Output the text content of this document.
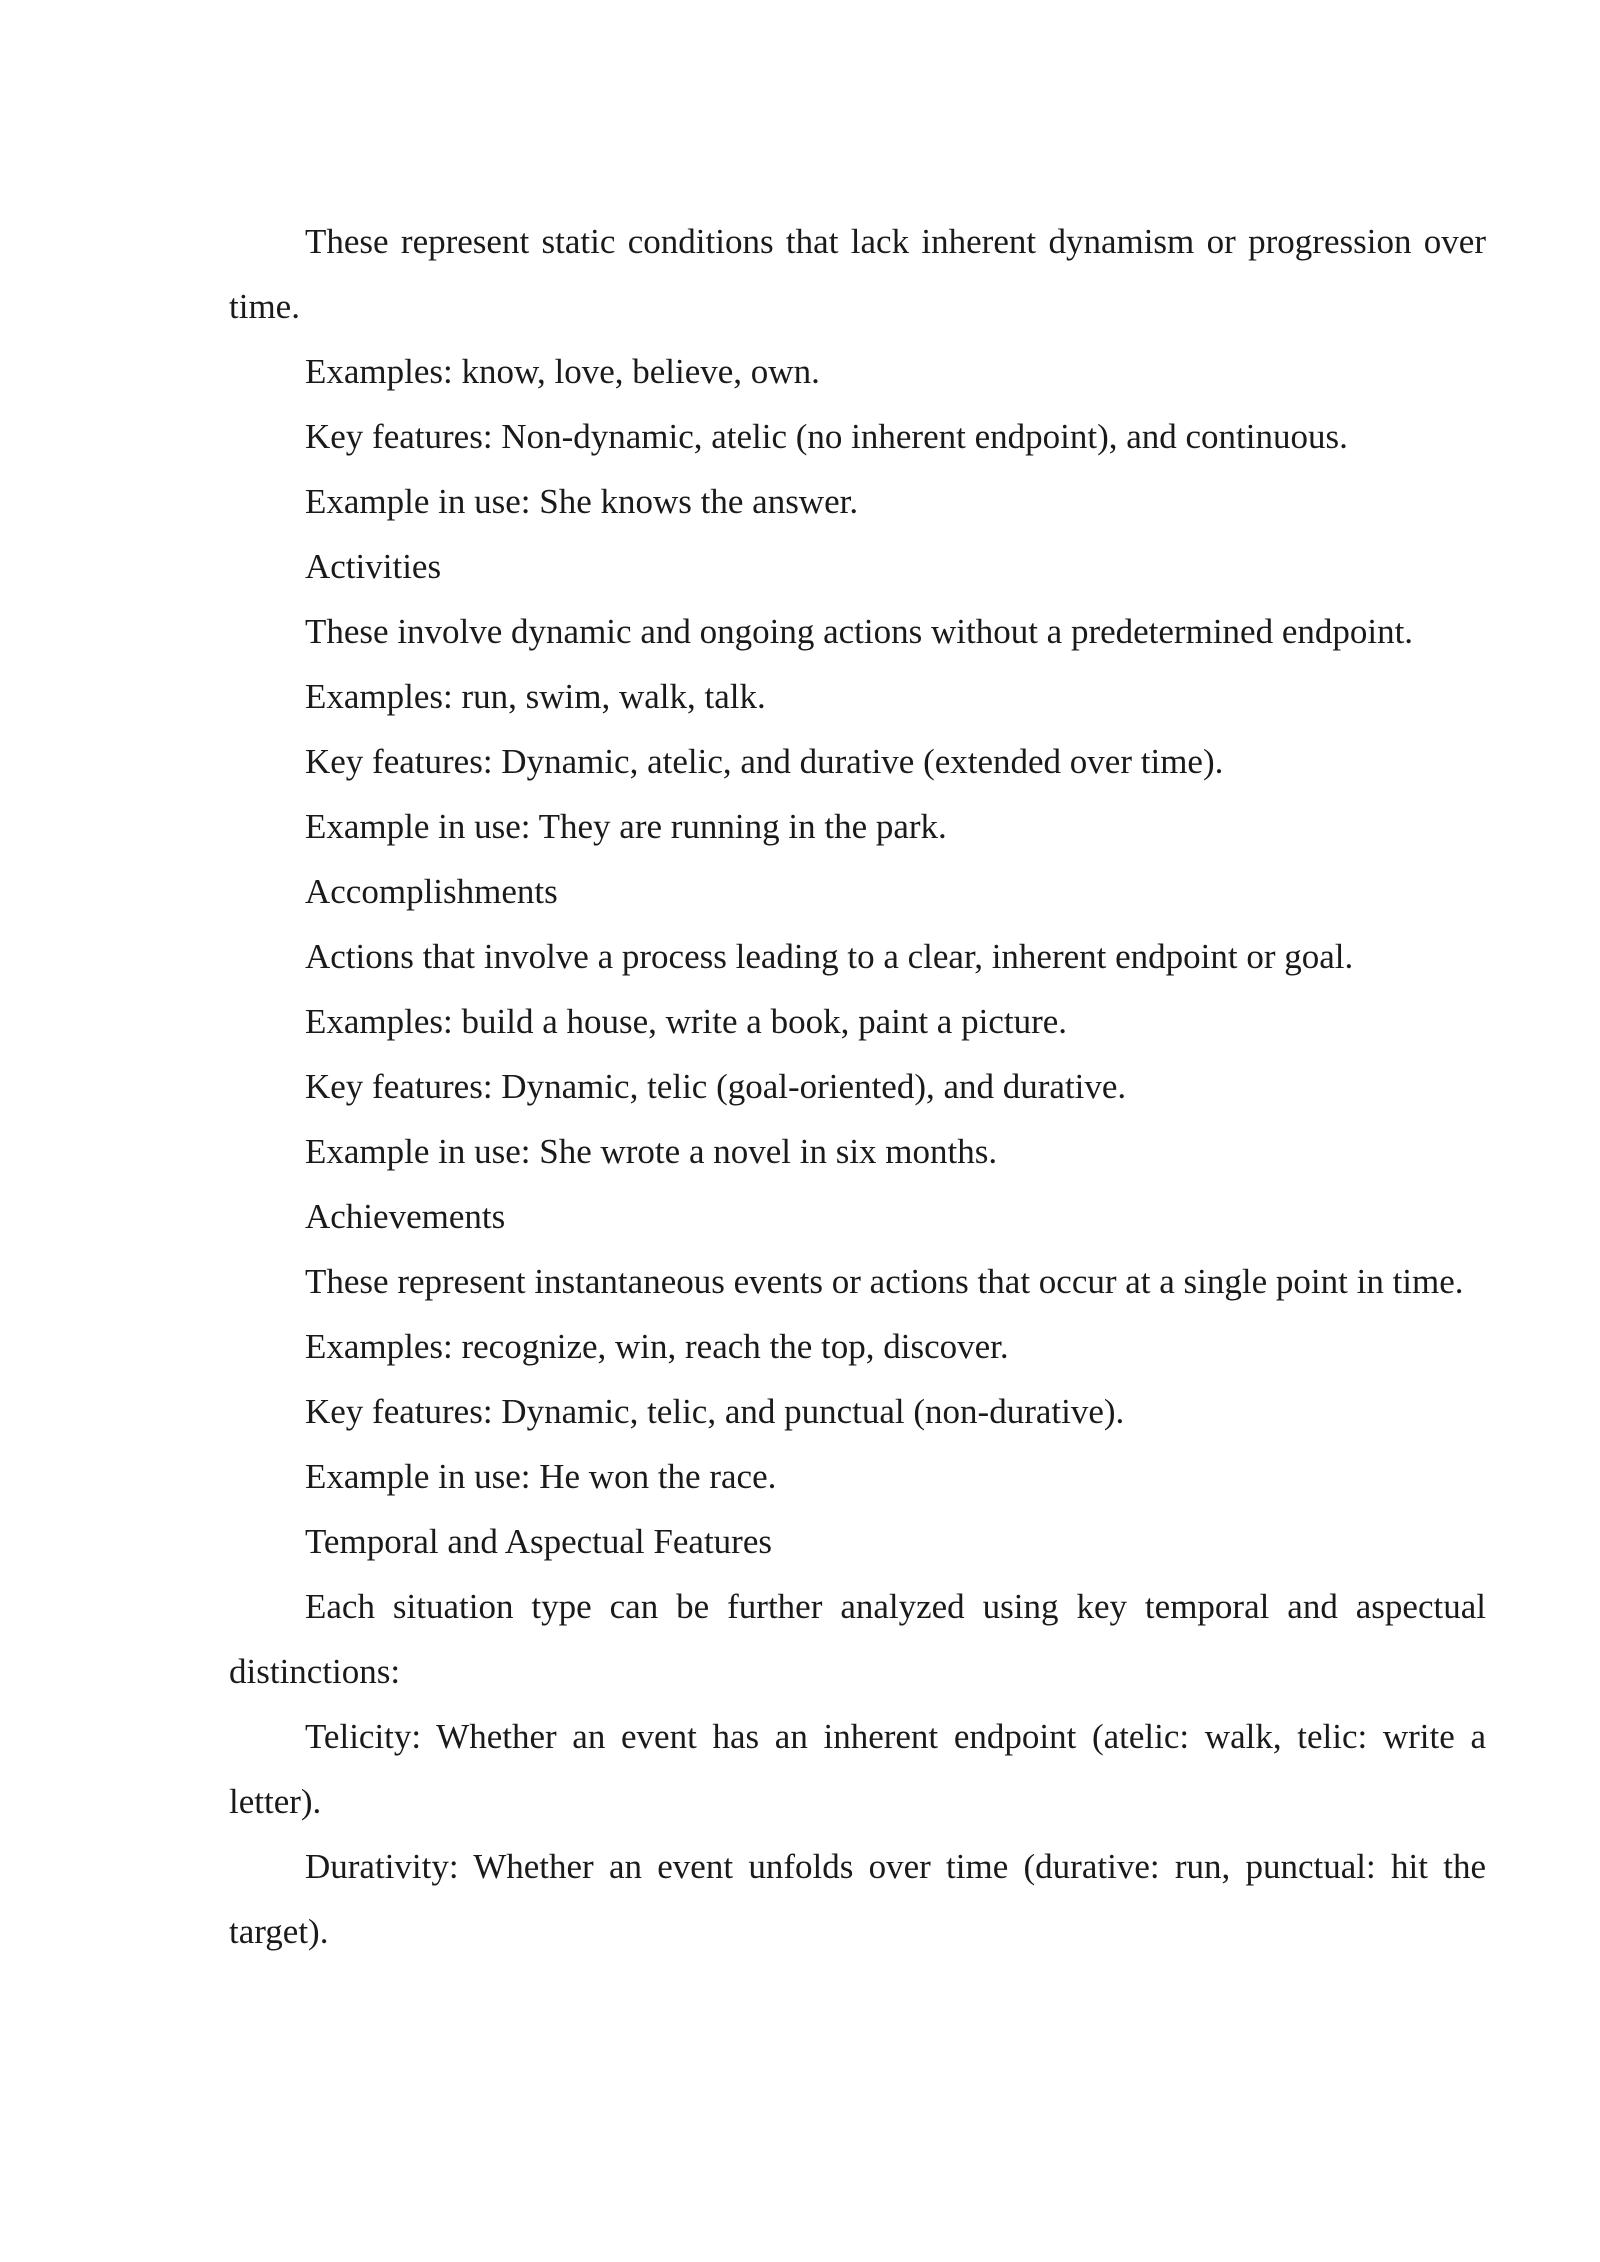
These represent static conditions that lack inherent dynamism or progression over time.

Examples: know, love, believe, own.

Key features: Non-dynamic, atelic (no inherent endpoint), and continuous.

Example in use: She knows the answer.

Activities

These involve dynamic and ongoing actions without a predetermined endpoint.

Examples: run, swim, walk, talk.

Key features: Dynamic, atelic, and durative (extended over time).

Example in use: They are running in the park.

Accomplishments

Actions that involve a process leading to a clear, inherent endpoint or goal.

Examples: build a house, write a book, paint a picture.

Key features: Dynamic, telic (goal-oriented), and durative.

Example in use: She wrote a novel in six months.

Achievements

These represent instantaneous events or actions that occur at a single point in time.

Examples: recognize, win, reach the top, discover.

Key features: Dynamic, telic, and punctual (non-durative).

Example in use: He won the race.

Temporal and Aspectual Features

Each situation type can be further analyzed using key temporal and aspectual distinctions:

Telicity: Whether an event has an inherent endpoint (atelic: walk, telic: write a letter).

Durativity: Whether an event unfolds over time (durative: run, punctual: hit the target).
